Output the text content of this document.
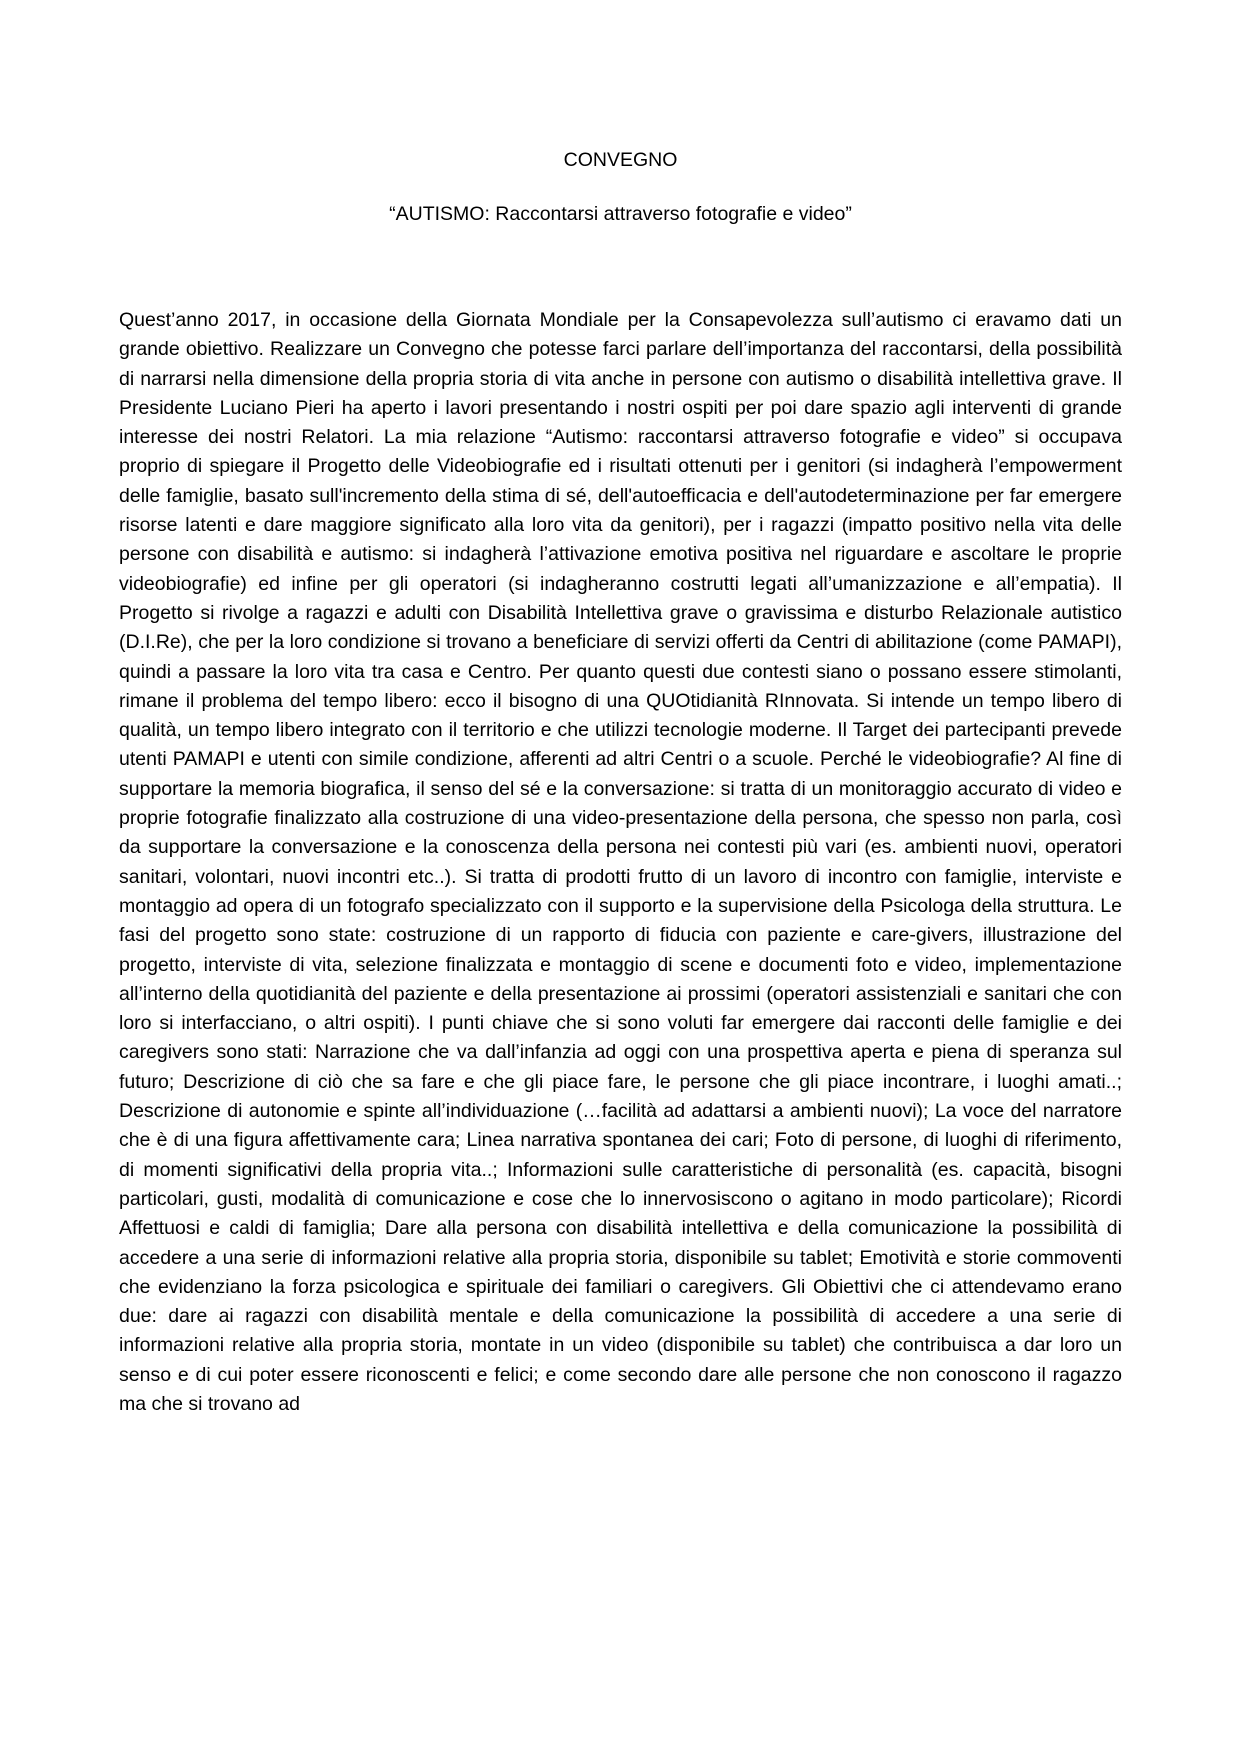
CONVEGNO
“AUTISMO: Raccontarsi attraverso fotografie e video”

Quest’anno 2017, in occasione della Giornata Mondiale per la Consapevolezza sull’autismo ci eravamo dati un grande obiettivo. Realizzare un Convegno che potesse farci parlare dell’importanza del raccontarsi, della possibilità di narrarsi nella dimensione della propria storia di vita anche in persone con autismo o disabilità intellettiva grave. Il Presidente Luciano Pieri ha aperto i lavori presentando i nostri ospiti per poi dare spazio agli interventi di grande interesse dei nostri Relatori. La mia relazione “Autismo: raccontarsi attraverso fotografie e video” si occupava proprio di spiegare il Progetto delle Videobiografie ed i risultati ottenuti per i genitori (si indagherà l’empowerment delle famiglie, basato sull'incremento della stima di sé, dell'autoefficacia e dell'autodeterminazione per far emergere risorse latenti e dare maggiore significato alla loro vita da genitori), per i ragazzi (impatto positivo nella vita delle persone con disabilità e autismo: si indagherà l’attivazione emotiva positiva nel riguardare e ascoltare le proprie videobiografie) ed infine per gli operatori (si indagheranno costrutti legati all’umanizzazione e all’empatia). Il Progetto si rivolge a ragazzi e adulti con Disabilità Intellettiva grave o gravissima e disturbo Relazionale autistico (D.I.Re), che per la loro condizione si trovano a beneficiare di servizi offerti da Centri di abilitazione (come PAMAPI), quindi a passare la loro vita tra casa e Centro. Per quanto questi due contesti siano o possano essere stimolanti, rimane il problema del tempo libero: ecco il bisogno di una QUOtidianità RInnovata. Si intende un tempo libero di qualità, un tempo libero integrato con il territorio e che utilizzi tecnologie moderne. Il Target dei partecipanti prevede utenti PAMAPI e utenti con simile condizione, afferenti ad altri Centri o a scuole. Perché le videobiografie? Al fine di supportare la memoria biografica, il senso del sé e la conversazione: si tratta di un monitoraggio accurato di video e proprie fotografie finalizzato alla costruzione di una video-presentazione della persona, che spesso non parla, così da supportare la conversazione e la conoscenza della persona nei contesti più vari (es. ambienti nuovi, operatori sanitari, volontari, nuovi incontri etc..). Si tratta di prodotti frutto di un lavoro di incontro con famiglie, interviste e montaggio ad opera di un fotografo specializzato con il supporto e la supervisione della Psicologa della struttura. Le fasi del progetto sono state: costruzione di un rapporto di fiducia con paziente e care-givers, illustrazione del progetto, interviste di vita, selezione finalizzata e montaggio di scene e documenti foto e video, implementazione all’interno della quotidianità del paziente e della presentazione ai prossimi (operatori assistenziali e sanitari che con loro si interfacciano, o altri ospiti). I punti chiave che si sono voluti far emergere dai racconti delle famiglie e dei caregivers sono stati: Narrazione che va dall’infanzia ad oggi con una prospettiva aperta e piena di speranza sul futuro; Descrizione di ciò che sa fare e che gli piace fare, le persone che gli piace incontrare, i luoghi amati..; Descrizione di autonomie e spinte all’individuazione (…facilità ad adattarsi a ambienti nuovi); La voce del narratore che è di una figura affettivamente cara; Linea narrativa spontanea dei cari; Foto di persone, di luoghi di riferimento, di momenti significativi della propria vita..; Informazioni sulle caratteristiche di personalità (es. capacità, bisogni particolari, gusti, modalità di comunicazione e cose che lo innervosiscono o agitano in modo particolare); Ricordi Affettuosi e caldi di famiglia; Dare alla persona con disabilità intellettiva e della comunicazione la possibilità di accedere a una serie di informazioni relative alla propria storia, disponibile su tablet; Emotività e storie commoventi che evidenziano la forza psicologica e spirituale dei familiari o caregivers. Gli Obiettivi che ci attendevamo erano due: dare ai ragazzi con disabilità mentale e della comunicazione la possibilità di accedere a una serie di informazioni relative alla propria storia, montate in un video (disponibile su tablet) che contribuisca a dar loro un senso e di cui poter essere riconoscenti e felici; e come secondo dare alle persone che non conoscono il ragazzo ma che si trovano ad
